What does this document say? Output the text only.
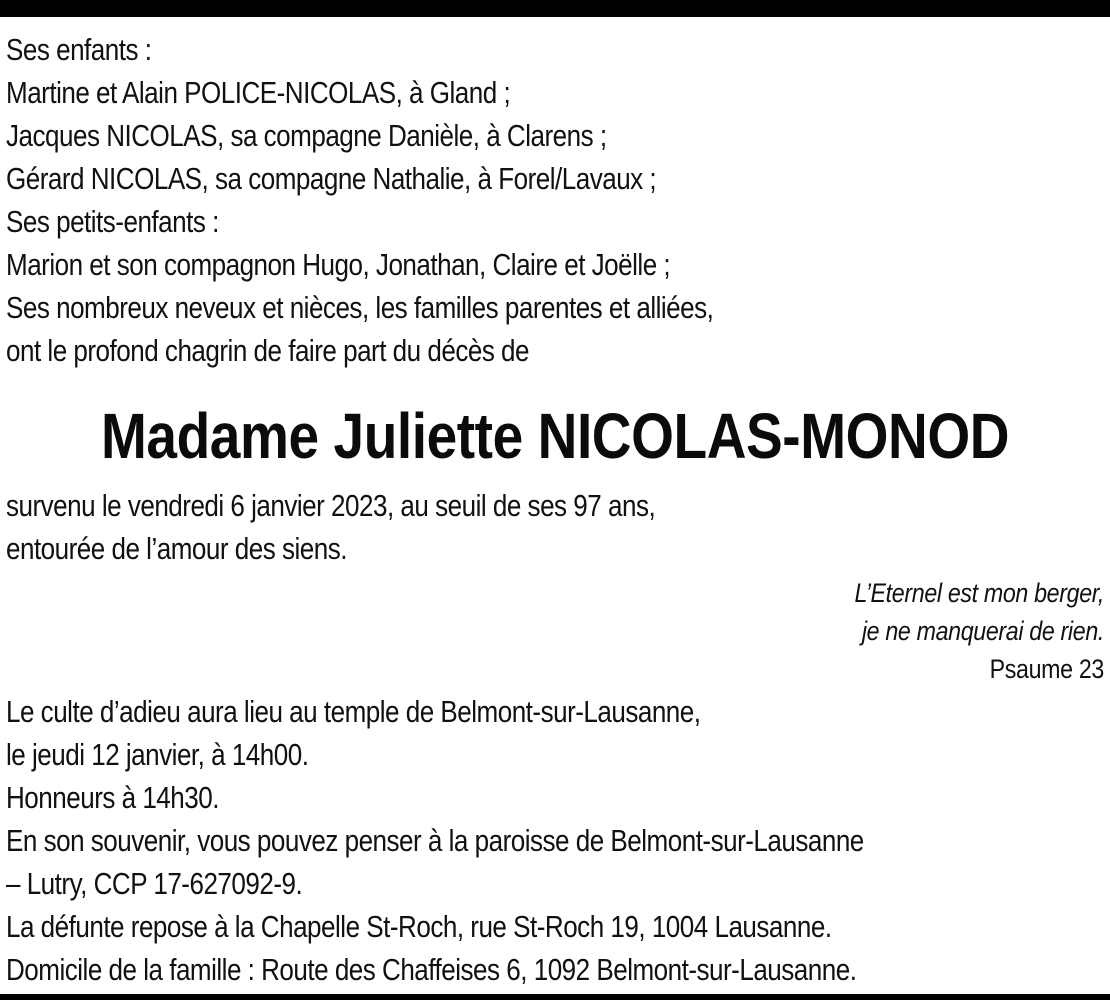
Ses enfants :
Martine et Alain POLICE-NICOLAS, à Gland ;
Jacques NICOLAS, sa compagne Danièle, à Clarens ;
Gérard NICOLAS, sa compagne Nathalie, à Forel/Lavaux ;
Ses petits-enfants :
Marion et son compagnon Hugo, Jonathan, Claire et Joëlle ;
Ses nombreux neveux et nièces, les familles parentes et alliées,
ont le profond chagrin de faire part du décès de
Madame Juliette NICOLAS-MONOD
survenu le vendredi 6 janvier 2023, au seuil de ses 97 ans,
entourée de l’amour des siens.
L’Eternel est mon berger,
je ne manquerai de rien.
Psaume 23
Le culte d’adieu aura lieu au temple de Belmont-sur-Lausanne,
le jeudi 12 janvier, à 14h00.
Honneurs à 14h30.
En son souvenir, vous pouvez penser à la paroisse de Belmont-sur-Lausanne
– Lutry, CCP 17-627092-9.
La défunte repose à la Chapelle St-Roch, rue St-Roch 19, 1004 Lausanne.
Domicile de la famille : Route des Chaffeises 6, 1092 Belmont-sur-Lausanne.
